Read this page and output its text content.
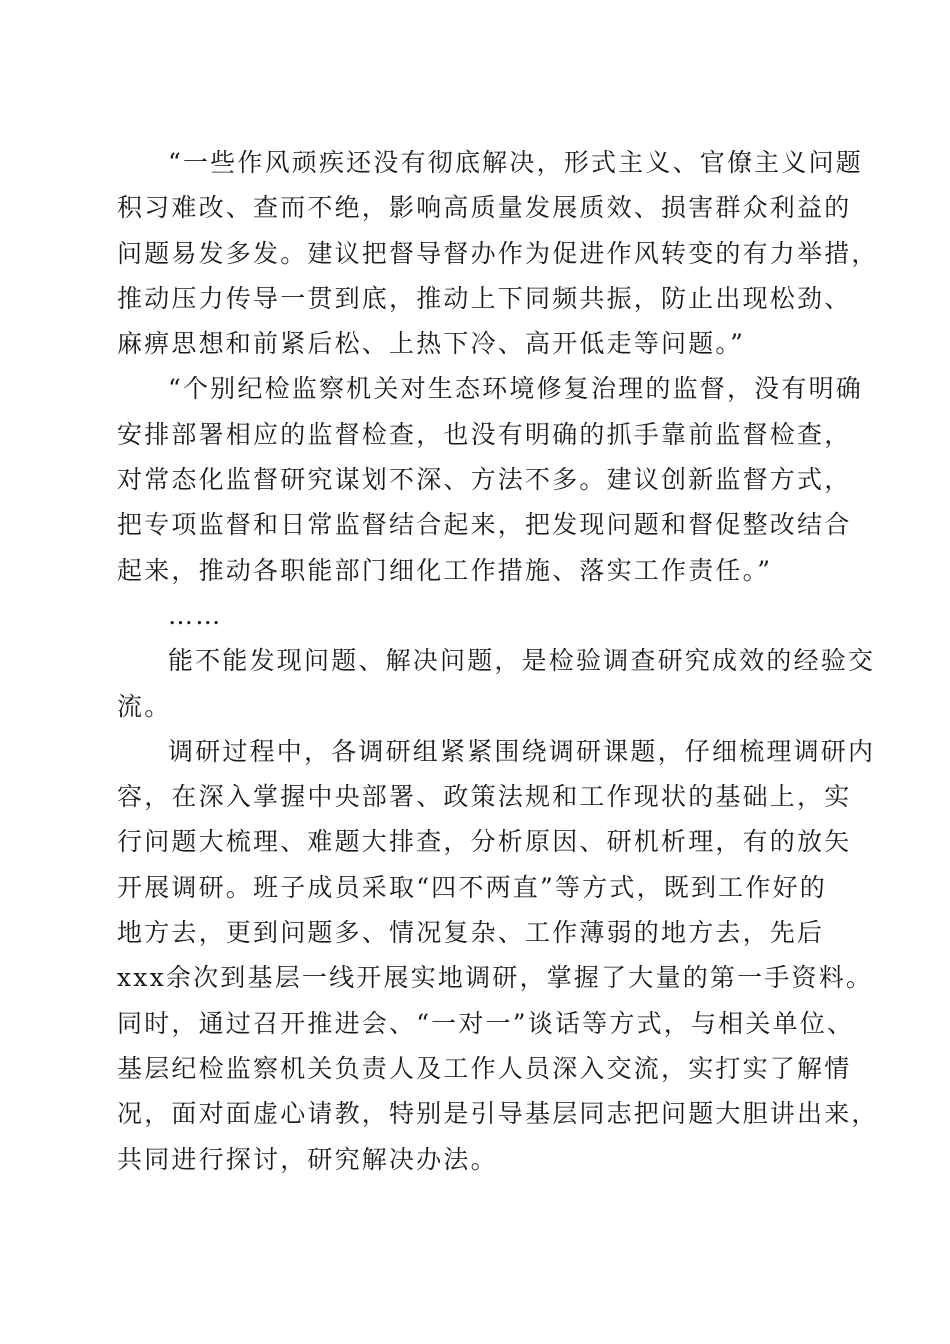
“一些作风顽疾还没有彻底解决，形式主义、官僚主义问题
积习难改、查而不绝，影响高质量发展质效、损害群众利益的
问题易发多发。建议把督导督办作为促进作风转变的有力举措，
推动压力传导一贯到底，推动上下同频共振，防止出现松劲、
麻痹思想和前紧后松、上热下冷、高开低走等问题。”
“个别纪检监察机关对生态环境修复治理的监督，没有明确
安排部署相应的监督检查，也没有明确的抓手靠前监督检查，
对常态化监督研究谋划不深、方法不多。建议创新监督方式，
把专项监督和日常监督结合起来，把发现问题和督促整改结合
起来，推动各职能部门细化工作措施、落实工作责任。”
……
能不能发现问题、解决问题，是检验调查研究成效的经验交
流。
调研过程中，各调研组紧紧围绕调研课题，仔细梳理调研内
容，在深入掌握中央部署、政策法规和工作现状的基础上，实
行问题大梳理、难题大排查，分析原因、研机析理，有的放矢
开展调研。班子成员采取“四不两直”等方式，既到工作好的
地方去，更到问题多、情况复杂、工作薄弱的地方去，先后
xxx余次到基层一线开展实地调研，掌握了大量的第一手资料。
同时，通过召开推进会、“一对一”谈话等方式，与相关单位、
基层纪检监察机关负责人及工作人员深入交流，实打实了解情
况，面对面虚心请教，特别是引导基层同志把问题大胆讲出来，
共同进行探讨，研究解决办法。
